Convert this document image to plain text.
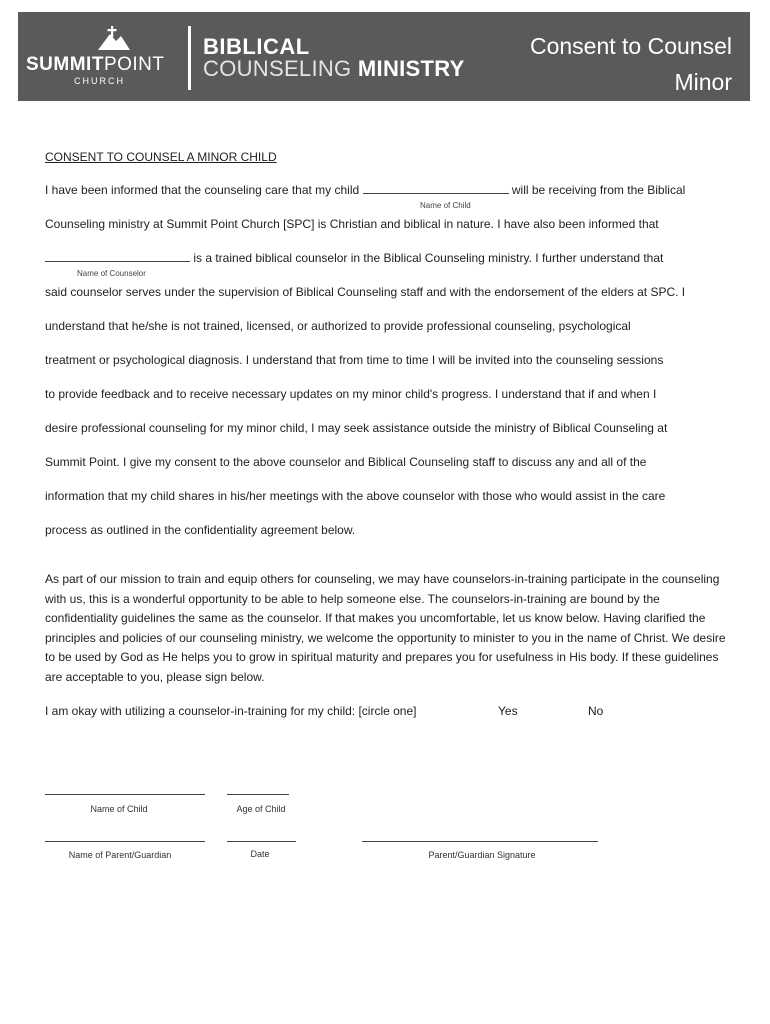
SUMMITPOINT
CHURCH
BIBLICAL
COUNSELING MINISTRY
Consent to Counsel
Minor
CONSENT TO COUNSEL A MINOR CHILD
I have been informed that the counseling care that my child	will be receiving from the Biblical
Name of Child
Counseling ministry at Summit Point Church [SPC] is Christian and biblical in nature. I have also been informed that
is a trained biblical counselor in the Biblical Counseling ministry. I further understand that
Name of Counselor
said counselor serves under the supervision of Biblical Counseling staff and with the endorsement of the elders at SPC. I
understand that he/she is not trained, licensed, or authorized to provide professional counseling, psychological
treatment or psychological diagnosis. I understand that from time to time I will be invited into the counseling sessions
to provide feedback and to receive necessary updates on my minor child's progress. I understand that if and when I
desire professional counseling for my minor child, I may seek assistance outside the ministry of Biblical Counseling at
Summit Point. I give my consent to the above counselor and Biblical Counseling staff to discuss any and all of the
information that my child shares in his/her meetings with the above counselor with those who would assist in the care
process as outlined in the confidentiality agreement below.

As part of our mission to train and equip others for counseling, we may have counselors-in-training participate in the counseling with us, this is a wonderful opportunity to be able to help someone else. The counselors-in-training are bound by the confidentiality guidelines the same as the counselor. If that makes you uncomfortable, let us know below. Having clarified the principles and policies of our counseling ministry, we welcome the opportunity to minister to you in the name of Christ. We desire to be used by God as He helps you to grow in spiritual maturity and prepares you for usefulness in His body. If these guidelines are acceptable to you, please sign below.

I am okay with utilizing a counselor-in-training for my child: [circle one]	Yes	No
Name of Child	Age of Child
Name of Parent/Guardian	Date	Parent/Guardian Signature
